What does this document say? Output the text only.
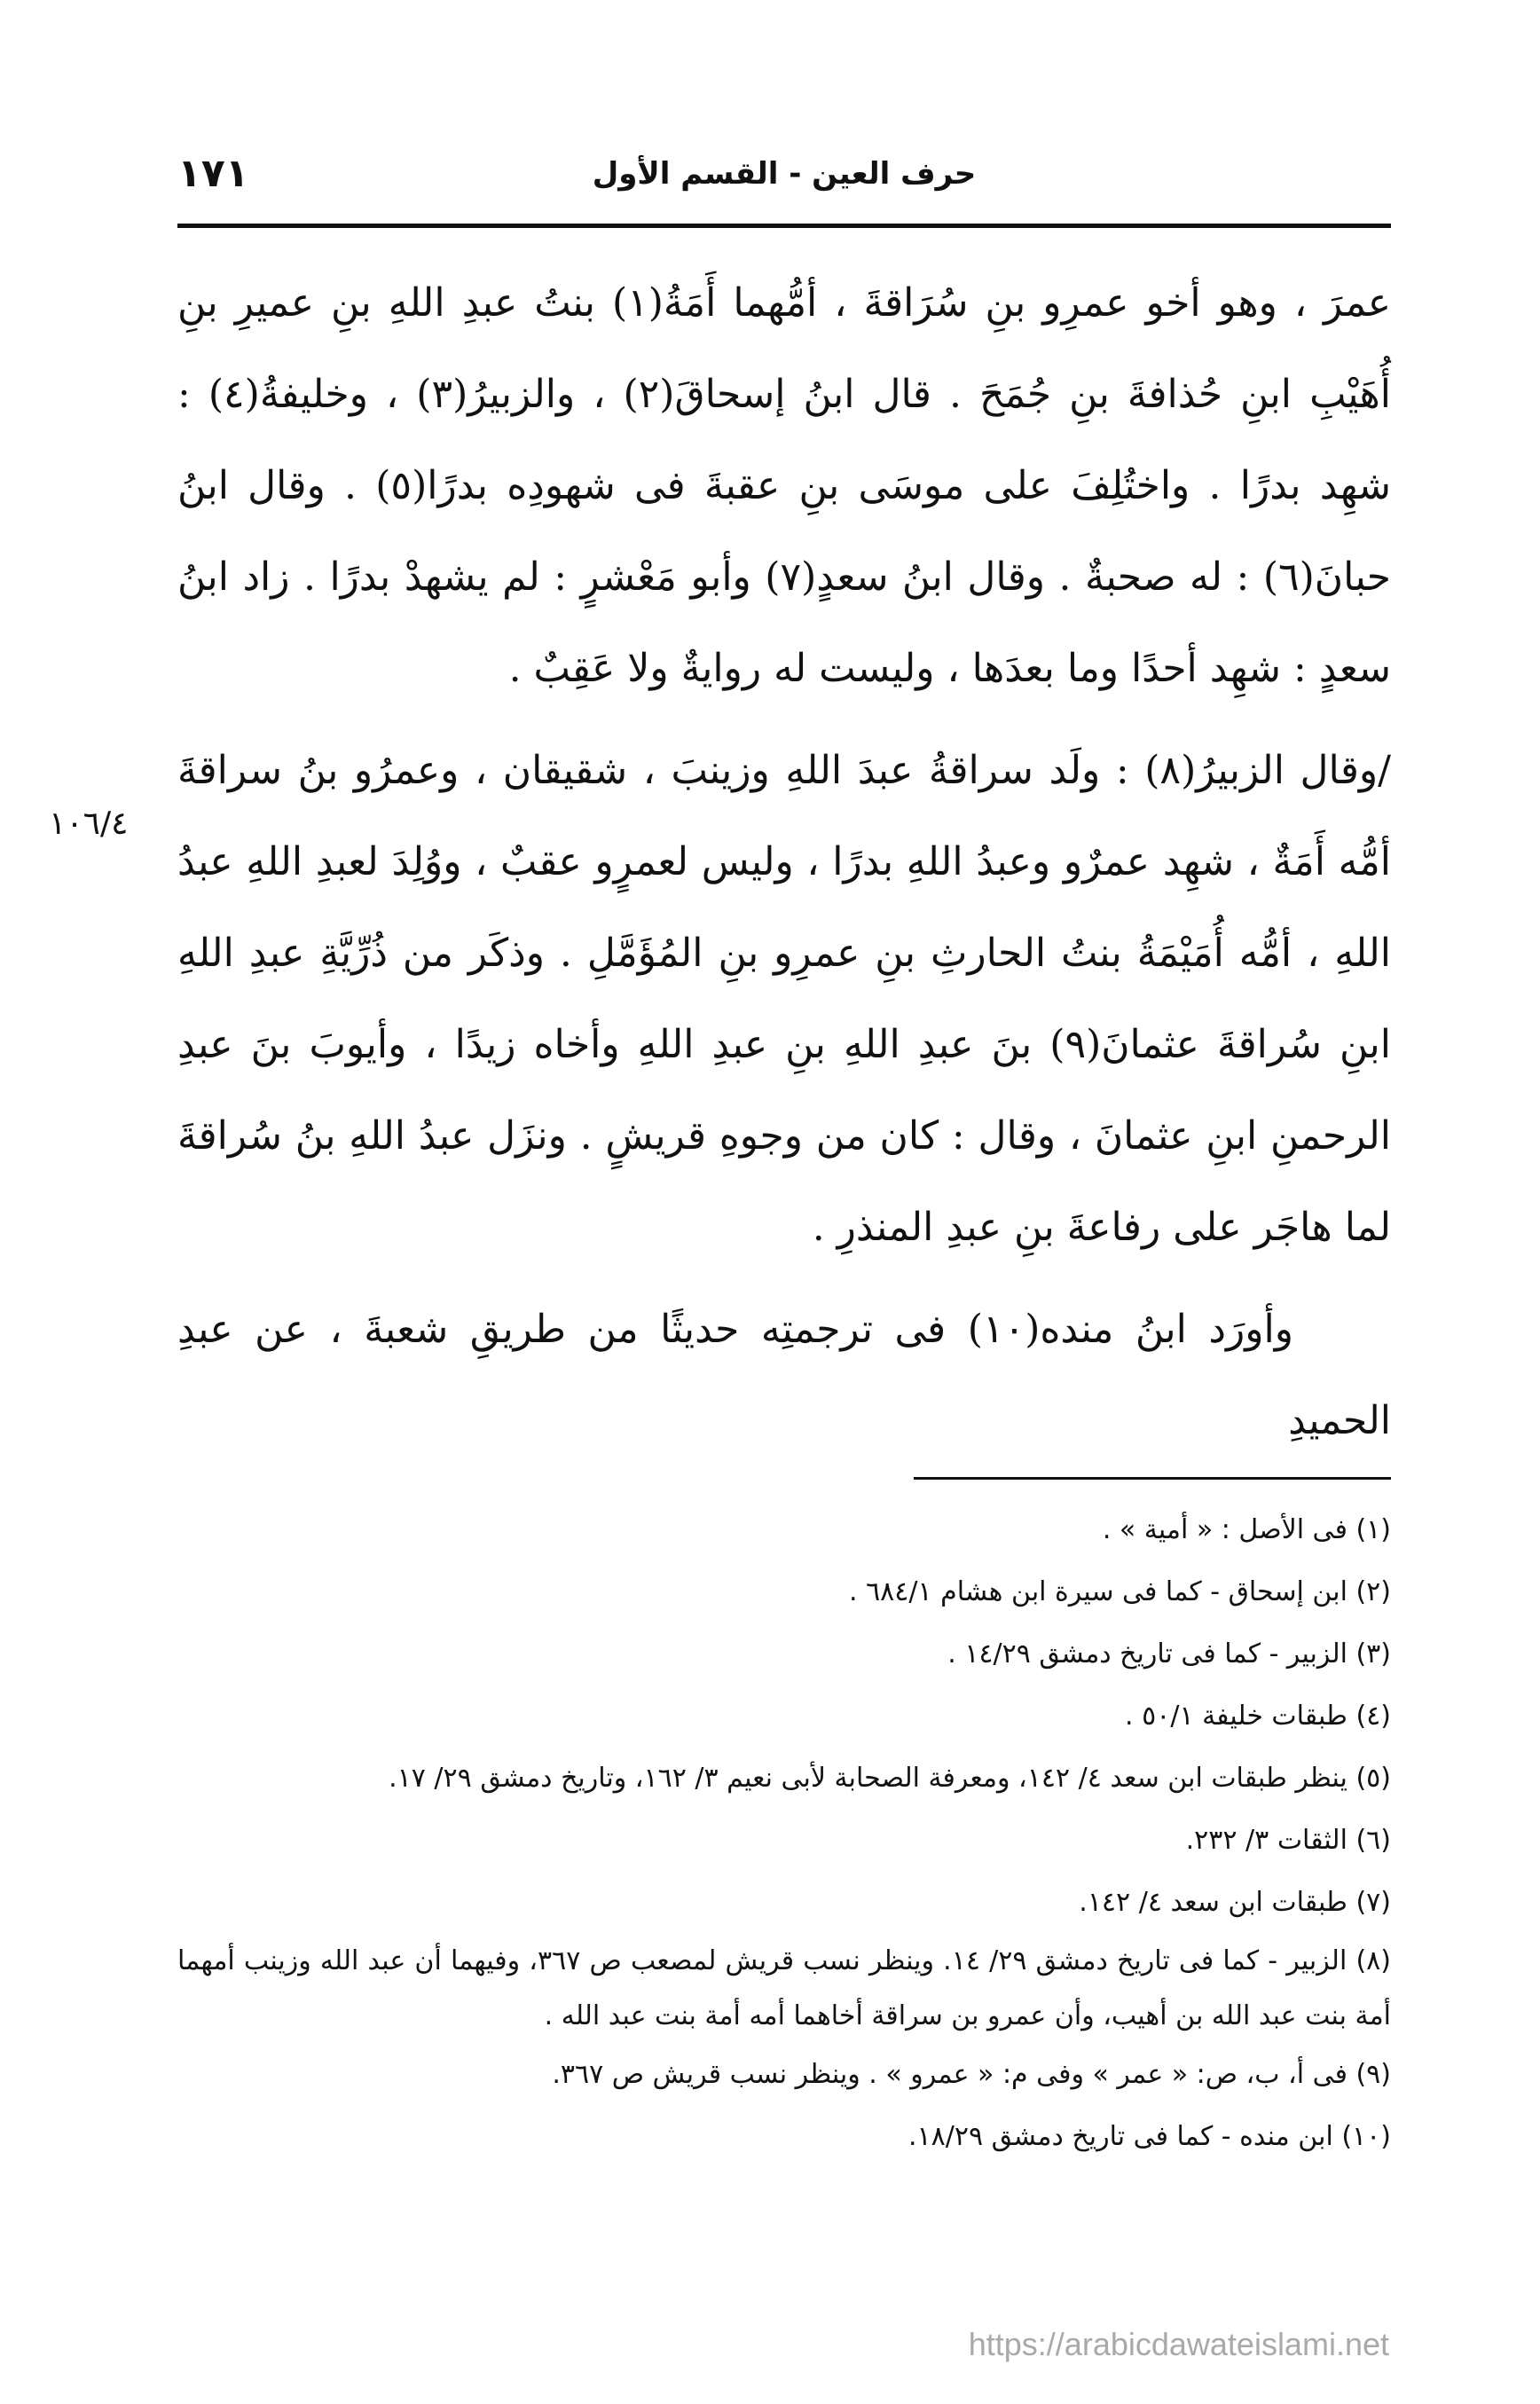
١٧١	حرف العين - القسم الأول

عمرَ ، وهو أخو عمرِو بنِ سُرَاقةَ ، أمُّهما أَمَةُ(١) بنتُ عبدِ اللهِ بنِ عميرِ بنِ أُهَيْبِ ابنِ حُذافةَ بنِ جُمَحَ . قال ابنُ إسحاقَ(٢) ، والزبيرُ(٣) ، وخليفةُ(٤) : شهِد بدرًا . واختُلِفَ على موسَى بنِ عقبةَ فى شهودِه بدرًا(٥) . وقال ابنُ حبانَ(٦) : له صحبةٌ . وقال ابنُ سعدٍ(٧) وأبو مَعْشرٍ : لم يشهدْ بدرًا . زاد ابنُ سعدٍ : شهِد أحدًا وما بعدَها ، وليست له روايةٌ ولا عَقِبٌ .

/وقال الزبيرُ(٨) : ولَد سراقةُ عبدَ اللهِ وزينبَ ، شقيقان ، وعمرُو بنُ سراقةَ أمُّه أَمَةٌ ، شهِد عمرٌو وعبدُ اللهِ بدرًا ، وليس لعمرٍو عقبٌ ، ووُلِدَ لعبدِ اللهِ عبدُ اللهِ ، أمُّه أُمَيْمَةُ بنتُ الحارثِ بنِ عمرِو بنِ المُؤَمَّلِ . وذكَر من ذُرِّيَّةِ عبدِ اللهِ ابنِ سُراقةَ عثمانَ(٩) بنَ عبدِ اللهِ بنِ عبدِ اللهِ وأخاه زيدًا ، وأيوبَ بنَ عبدِ الرحمنِ ابنِ عثمانَ ، وقال : كان من وجوهِ قريشٍ . ونزَل عبدُ اللهِ بنُ سُراقةَ لما هاجَر على رفاعةَ بنِ عبدِ المنذرِ .

وأورَد ابنُ منده(١٠) فى ترجمتِه حديثًا من طريقِ شعبةَ ، عن عبدِ الحميدِ

١٠٦/٤

(١) فى الأصل : « أمية » .

(٢) ابن إسحاق - كما فى سيرة ابن هشام ٦٨٤/١ .

(٣) الزبير - كما فى تاريخ دمشق ١٤/٢٩ .

(٤) طبقات خليفة ٥٠/١ .

(٥) ينظر طبقات ابن سعد ٤/ ١٤٢، ومعرفة الصحابة لأبى نعيم ٣/ ١٦٢، وتاريخ دمشق ٢٩/ ١٧.

(٦) الثقات ٣/ ٢٣٢.

(٧) طبقات ابن سعد ٤/ ١٤٢.

(٨) الزبير - كما فى تاريخ دمشق ٢٩/ ١٤. وينظر نسب قريش لمصعب ص ٣٦٧، وفيهما أن عبد الله وزينب أمهما أمة بنت عبد الله بن أهيب، وأن عمرو بن سراقة أخاهما أمه أمة بنت عبد الله .

(٩) فى أ، ب، ص: « عمر » وفى م: « عمرو » . وينظر نسب قريش ص ٣٦٧.

(١٠) ابن منده - كما فى تاريخ دمشق ١٨/٢٩.

https://arabicdawateislami.net
